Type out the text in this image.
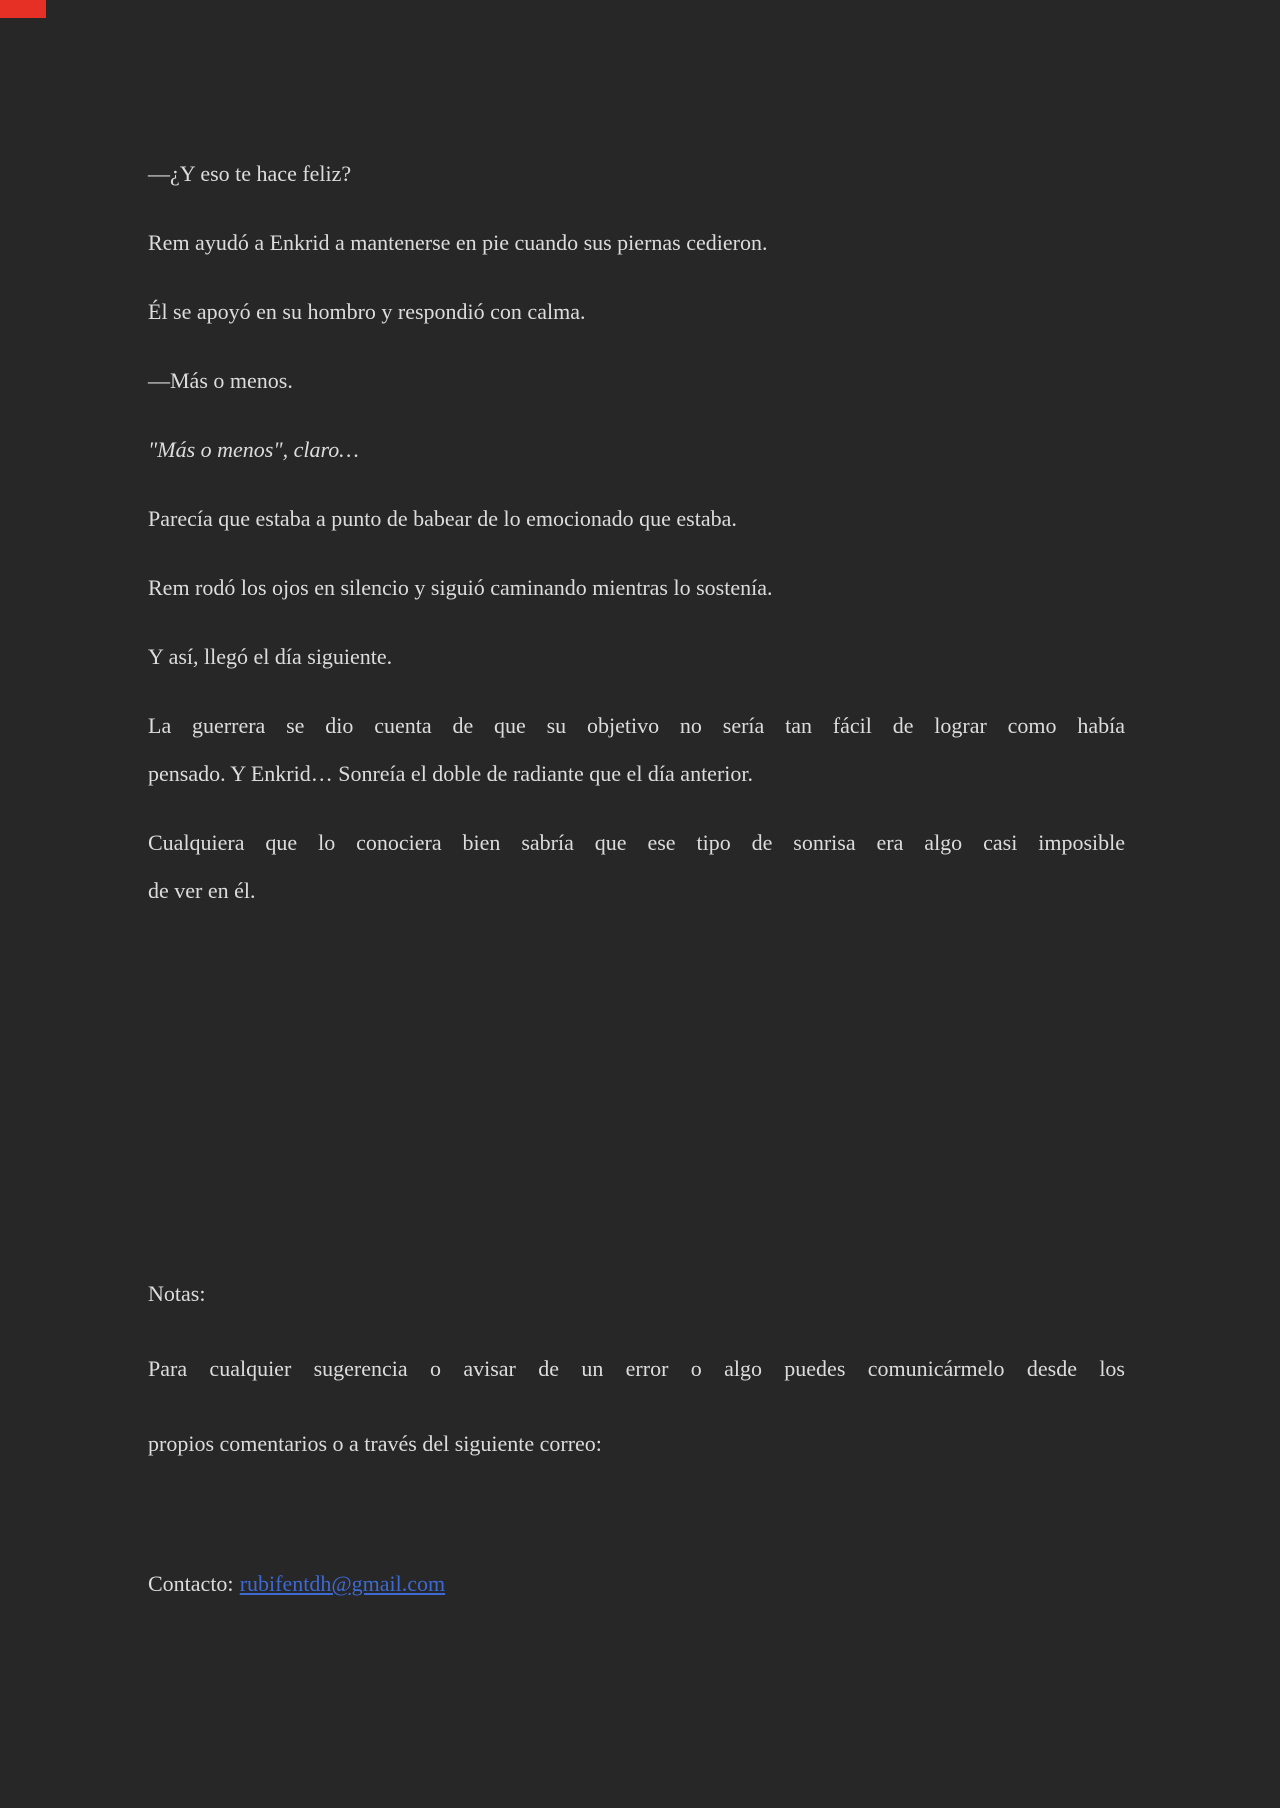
—¿Y eso te hace feliz?

Rem ayudó a Enkrid a mantenerse en pie cuando sus piernas cedieron.

Él se apoyó en su hombro y respondió con calma.

—Más o menos.

"Más o menos", claro…

Parecía que estaba a punto de babear de lo emocionado que estaba.

Rem rodó los ojos en silencio y siguió caminando mientras lo sostenía.

Y así, llegó el día siguiente.

La guerrera se dio cuenta de que su objetivo no sería tan fácil de lograr como había

pensado. Y Enkrid… Sonreía el doble de radiante que el día anterior.

Cualquiera que lo conociera bien sabría que ese tipo de sonrisa era algo casi imposible

de ver en él.

Notas:

Para cualquier sugerencia o avisar de un error o algo puedes comunicármelo desde los

propios comentarios o a través del siguiente correo:

Contacto: rubifentdh@gmail.com
